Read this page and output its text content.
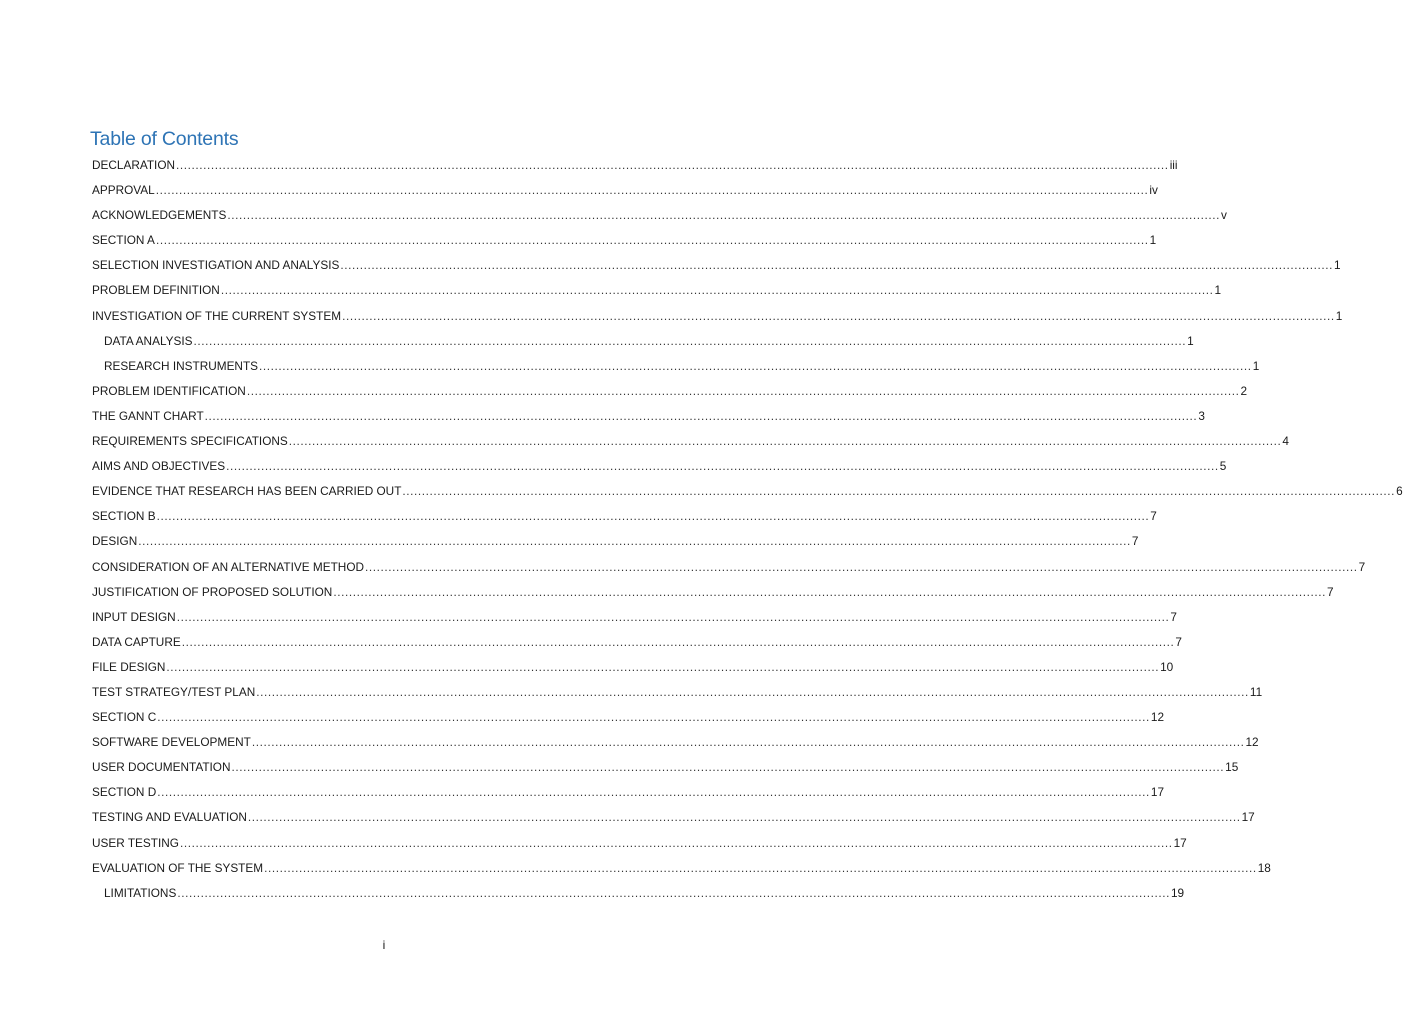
Table of Contents
DECLARATION .....	iii
APPROVAL .....	iv
ACKNOWLEDGEMENTS .....	v
SECTION A .....	1
SELECTION INVESTIGATION AND ANALYSIS .....	1
PROBLEM DEFINITION .....	1
INVESTIGATION OF THE CURRENT SYSTEM .....	1
DATA ANALYSIS .....	1
RESEARCH INSTRUMENTS .....	1
PROBLEM IDENTIFICATION .....	2
THE GANNT CHART .....	3
REQUIREMENTS SPECIFICATIONS .....	4
AIMS AND OBJECTIVES .....	5
EVIDENCE THAT RESEARCH HAS BEEN CARRIED OUT .....	6
SECTION B .....	7
DESIGN .....	7
CONSIDERATION OF AN ALTERNATIVE METHOD .....	7
JUSTIFICATION OF PROPOSED SOLUTION .....	7
INPUT DESIGN .....	7
DATA CAPTURE .....	7
FILE DESIGN .....	10
TEST STRATEGY/TEST PLAN .....	11
SECTION C .....	12
SOFTWARE DEVELOPMENT .....	12
USER DOCUMENTATION .....	15
SECTION D .....	17
TESTING AND EVALUATION .....	17
USER TESTING .....	17
EVALUATION OF THE SYSTEM .....	18
LIMITATIONS .....	19
i
